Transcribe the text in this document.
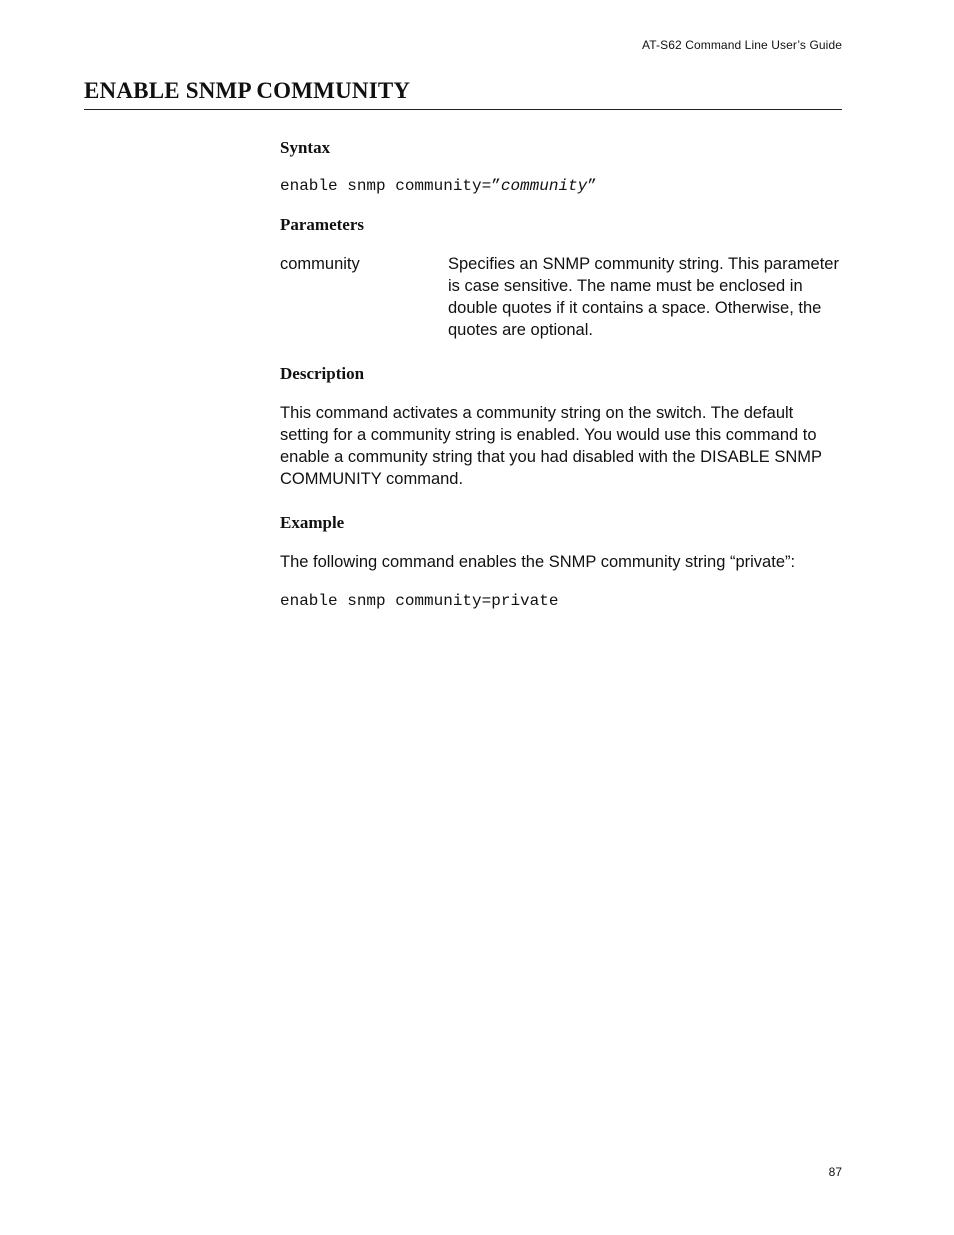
AT-S62 Command Line User’s Guide
ENABLE SNMP COMMUNITY
Syntax
enable snmp community=”community”
Parameters
community	Specifies an SNMP community string. This parameter is case sensitive. The name must be enclosed in double quotes if it contains a space. Otherwise, the quotes are optional.
Description
This command activates a community string on the switch. The default setting for a community string is enabled. You would use this command to enable a community string that you had disabled with the DISABLE SNMP COMMUNITY command.
Example
The following command enables the SNMP community string “private”:
enable snmp community=private
87
